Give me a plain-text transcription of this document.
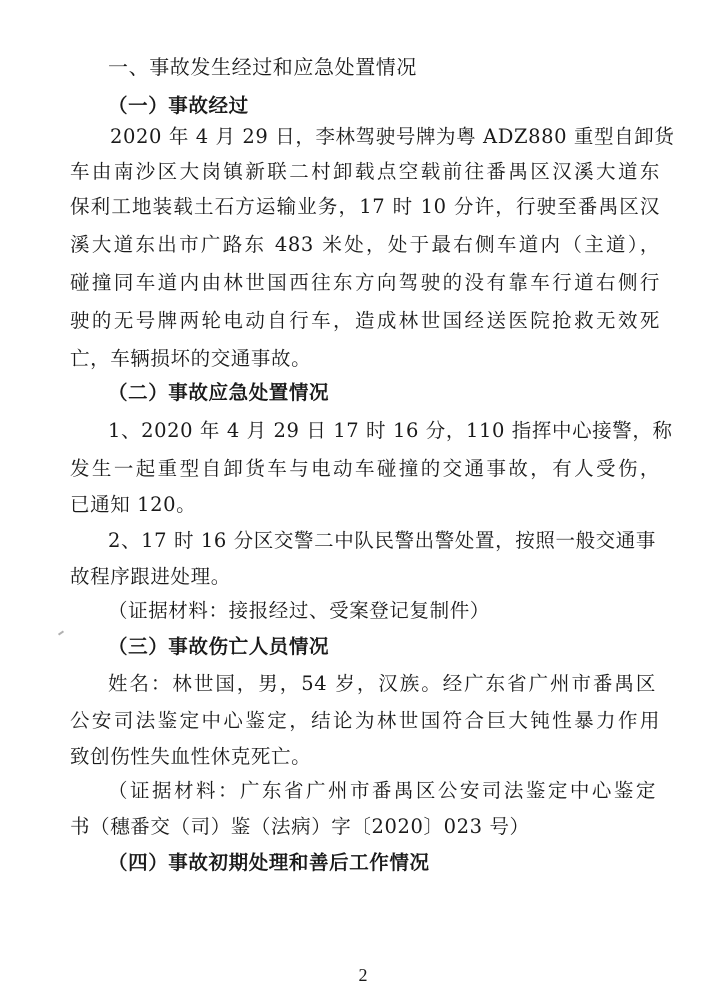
一、事故发生经过和应急处置情况
（一）事故经过
2020 年 4 月 29 日，李林驾驶号牌为粤 ADZ880 重型自卸货
车由南沙区大岗镇新联二村卸载点空载前往番禺区汉溪大道东
保利工地装载土石方运输业务，17 时 10 分许，行驶至番禺区汉
溪大道东出市广路东 483 米处，处于最右侧车道内（主道），
碰撞同车道内由林世国西往东方向驾驶的没有靠车行道右侧行
驶的无号牌两轮电动自行车，造成林世国经送医院抢救无效死
亡，车辆损坏的交通事故。
（二）事故应急处置情况
1、2020 年 4 月 29 日 17 时 16 分，110 指挥中心接警，称
发生一起重型自卸货车与电动车碰撞的交通事故，有人受伤，
已通知 120。
2、17 时 16 分区交警二中队民警出警处置，按照一般交通事
故程序跟进处理。
（证据材料：接报经过、受案登记复制件）
（三）事故伤亡人员情况
姓名：林世国，男，54 岁，汉族。经广东省广州市番禺区
公安司法鉴定中心鉴定，结论为林世国符合巨大钝性暴力作用
致创伤性失血性休克死亡。
（证据材料：广东省广州市番禺区公安司法鉴定中心鉴定
书（穗番交（司）鉴（法病）字〔2020〕023 号）
（四）事故初期处理和善后工作情况
2
